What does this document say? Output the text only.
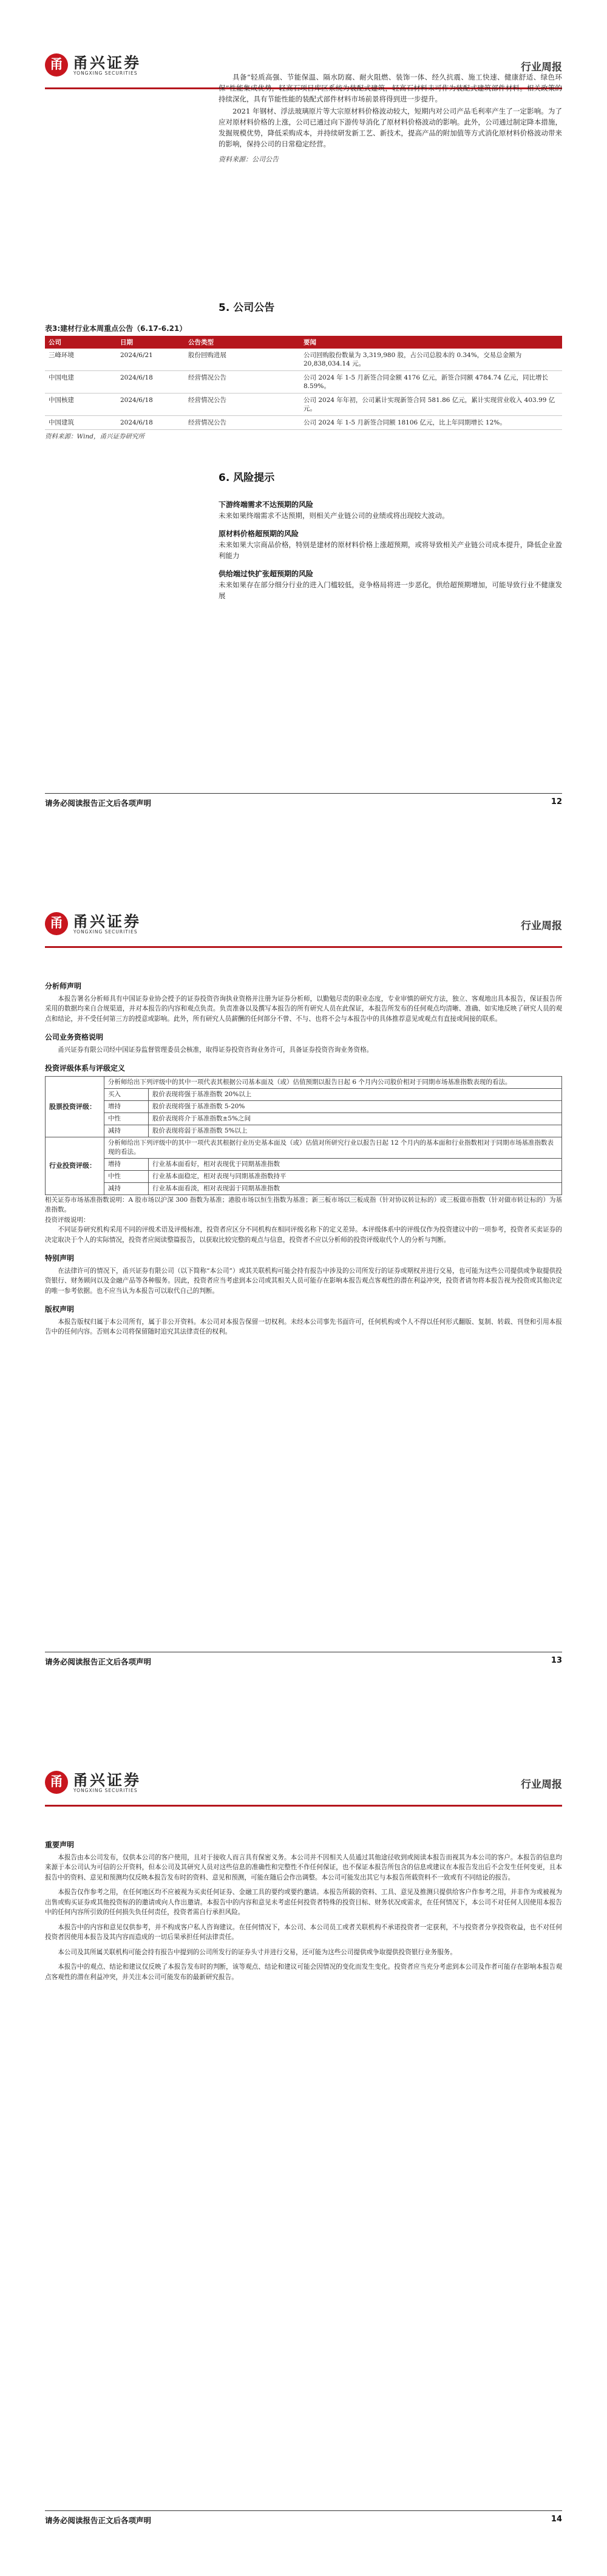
甬 甬兴证券
YONGXING SECURITIES	行业周报

具备“轻质高强、节能保温、隔水防腐、耐火阻燃、装饰一体、经久抗震、施工快速、健康舒适、绿色环保”性能集成优势，轻高石项目库区系统为装配式建筑，轻高石材料未可作为装配式建筑部件材料。相关政策的持续深化，具有节能性能的装配式部件材料市场前景将得到进一步提升。

2021 年钢材、浮法玻璃原片等大宗原材料价格波动较大，短期内对公司产品毛利率产生了一定影响。为了应对原材料价格的上涨，公司已通过向下游传导消化了原材料价格波动的影响。此外，公司通过制定降本措施，发掘规模优势，降低采购成本，并持续研发新工艺、新技术，提高产品的附加值等方式消化原材料价格波动带来的影响，保持公司的日常稳定经营。

资料来源：公司公告
5. 公司公告
表3:建材行业本周重点公告（6.17-6.21）
公司	日期	公告类型	要闻
三峰环境	2024/6/21	股份回购进展	公司回购股份数量为 3,319,980 股，占公司总股本的 0.34%，交易总金额为 20,838,034.14 元。
中国电建	2024/6/18	经营情况公告	公司 2024 年 1-5 月新签合同金额 4176 亿元，新签合同额 4784.74 亿元，同比增长 8.59%。
中国核建	2024/6/18	经营情况公告	公司 2024 年年初，公司累计实现新签合同 581.86 亿元，累计实现营业收入 403.99 亿元。
中国建筑	2024/6/18	经营情况公告	公司 2024 年 1-5 月新签合同额 18106 亿元，比上年同期增长 12%。
资料来源：Wind，甬兴证券研究所
6. 风险提示
下游终端需求不达预期的风险
未来如果终端需求不达预期，则相关产业链公司的业绩或将出现较大波动。
原材料价格超预期的风险
未来如果大宗商品价格，特别是建材的原材料价格上涨超预期，或将导致相关产业链公司成本提升，降低企业盈利能力
供给端过快扩张超预期的风险
未来如果存在部分细分行业的进入门槛较低，竞争格局将进一步恶化，供给超预期增加，可能导致行业不健康发展
请务必阅读报告正文后各项声明	12
甬 甬兴证券
YONGXING SECURITIES	行业周报
分析师声明

本报告署名分析师具有中国证券业协会授予的证券投资咨询执业资格并注册为证券分析师，以勤勉尽责的职业态度，专业审慎的研究方法，独立、客观地出具本报告，保证报告所采用的数据均来自合规渠道，并对本报告的内容和观点负责。负责准备以及撰写本报告的所有研究人员在此保证，本报告所发布的任何观点均清晰、准确、如实地反映了研究人员的观点和结论，并不受任何第三方的授意或影响。此外，所有研究人员薪酬的任何部分不曾、不与、也将不会与本报告中的具体推荐意见或观点有直接或间接的联系。

公司业务资格说明

甬兴证券有限公司经中国证券监督管理委员会核准，取得证券投资咨询业务许可，具备证券投资咨询业务资格。

投资评级体系与评级定义
股票投资评级：	分析师给出下列评级中的其中一项代表其根据公司基本面及（或）估值预期以报告日起 6 个月内公司股价相对于同期市场基准指数表现的看法。	
	买入	股价表现将强于基准指数 20%以上
	增持	股价表现将强于基准指数 5-20%
	中性	股价表现将介于基准指数±5%之间
	减持	股价表现将弱于基准指数 5%以上
行业投资评级：	分析师给出下列评级中的其中一项代表其根据行业历史基本面及（或）估值对所研究行业以报告日起 12 个月内的基本面和行业指数相对于同期市场基准指数表现的看法。	
	增持	行业基本面看好，相对表现优于同期基准指数
	中性	行业基本面稳定，相对表现与同期基准指数持平
	减持	行业基本面看淡，相对表现弱于同期基准指数
相关证券市场基准指数说明：A 股市场以沪深 300 指数为基准；港股市场以恒生指数为基准；新三板市场以三板成指（针对协议转让标的）或三板做市指数（针对做市转让标的）为基准指数。
投资评级说明：

不同证券研究机构采用不同的评级术语及评级标准，投资者应区分不同机构在相同评级名称下的定义差异。本评级体系中的评级仅作为投资建议中的一项参考，投资者买卖证券的决定取决于个人的实际情况，投资者应阅读整篇报告，以获取比较完整的观点与信息，投资者不应以分析师的投资评级取代个人的分析与判断。

特别声明

在法律许可的情况下，甬兴证券有限公司（以下简称“本公司”）或其关联机构可能会持有报告中涉及的公司所发行的证券或期权并进行交易，也可能为这些公司提供或争取提供投资银行、财务顾问以及金融产品等各种服务。因此，投资者应当考虑到本公司或其相关人员可能存在影响本报告观点客观性的潜在利益冲突，投资者请勿将本报告视为投资或其他决定的唯一参考依据。也不应当认为本报告可以取代自己的判断。

版权声明

本报告版权归属于本公司所有，属于非公开资料。本公司对本报告保留一切权利。未经本公司事先书面许可，任何机构或个人不得以任何形式翻版、复制、转载、刊登和引用本报告中的任何内容。否则本公司将保留随时追究其法律责任的权利。

请务必阅读报告正文后各项声明	13
甬 甬兴证券
YONGXING SECURITIES	行业周报
重要声明

本报告由本公司发布，仅供本公司的客户使用，且对于接收人而言具有保密义务。本公司并不因相关人员通过其他途径收到或阅读本报告而视其为本公司的客户。本报告的信息均来源于本公司认为可信的公开资料，但本公司及其研究人员对这些信息的准确性和完整性不作任何保证，也不保证本报告所包含的信息或建议在本报告发出后不会发生任何变更，且本报告中的资料、意见和预测均仅反映本报告发布时的资料、意见和预测，可能在随后会作出调整。本公司可能发出其它与本报告所载资料不一致或有不同结论的报告。

本报告仅作参考之用，在任何地区均不应被视为买卖任何证券、金融工具的要约或要约邀请。本报告所载的资料、工具、意见及推测只提供给客户作参考之用，并非作为或被视为出售或购买证券或其他投资标的的邀请或向人作出邀请。本报告中的内容和意见未考虑任何投资者特殊的投资目标、财务状况或需求，在任何情况下，本公司不对任何人因使用本报告中的任何内容所引致的任何损失负任何责任，投资者需自行承担风险。

本报告中的内容和意见仅供参考，并不构成客户私人咨询建议。在任何情况下，本公司、本公司员工或者关联机构不承诺投资者一定获利，不与投资者分享投资收益，也不对任何投资者因使用本报告及其内容而造成的一切后果承担任何法律责任。

本公司及其所属关联机构可能会持有报告中提到的公司所发行的证券头寸并进行交易，还可能为这些公司提供或争取提供投资银行业务服务。

本报告中的观点、结论和建议仅反映了本报告发布时的判断，该等观点、结论和建议可能会因情况的变化而发生变化。投资者应当充分考虑到本公司及作者可能存在影响本报告观点客观性的潜在利益冲突，并关注本公司可能发布的最新研究报告。

请务必阅读报告正文后各项声明	14
